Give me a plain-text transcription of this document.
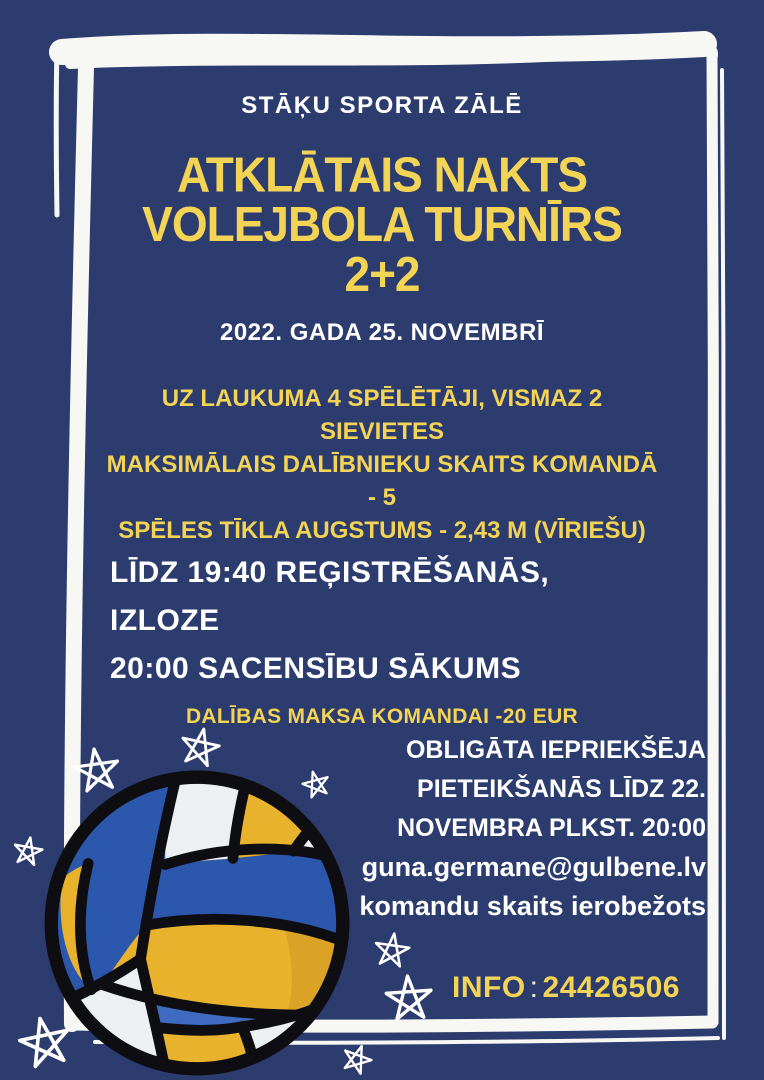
STĀĶU SPORTA ZĀLĒ
ATKLĀTAIS NAKTS
VOLEJBOLA TURNĪRS
2+2
2022. GADA 25. NOVEMBRĪ
UZ LAUKUMA 4 SPĒLĒTĀJI, VISMAZ 2
SIEVIETES
MAKSIMĀLAIS DALĪBNIEKU SKAITS KOMANDĀ
- 5
SPĒLES TĪKLA AUGSTUMS - 2,43 M (VĪRIEŠU)
LĪDZ 19:40 REĢISTRĒŠANĀS,
IZLOZE
20:00 SACENSĪBU SĀKUMS
DALĪBAS MAKSA KOMANDAI -20 EUR
OBLIGĀTA IEPRIEKŠĒJA
PIETEIKŠANĀS LĪDZ 22.
NOVEMBRA PLKST. 20:00
guna.germane@gulbene.lv
komandu skaits ierobežots
INFO : 24426506
